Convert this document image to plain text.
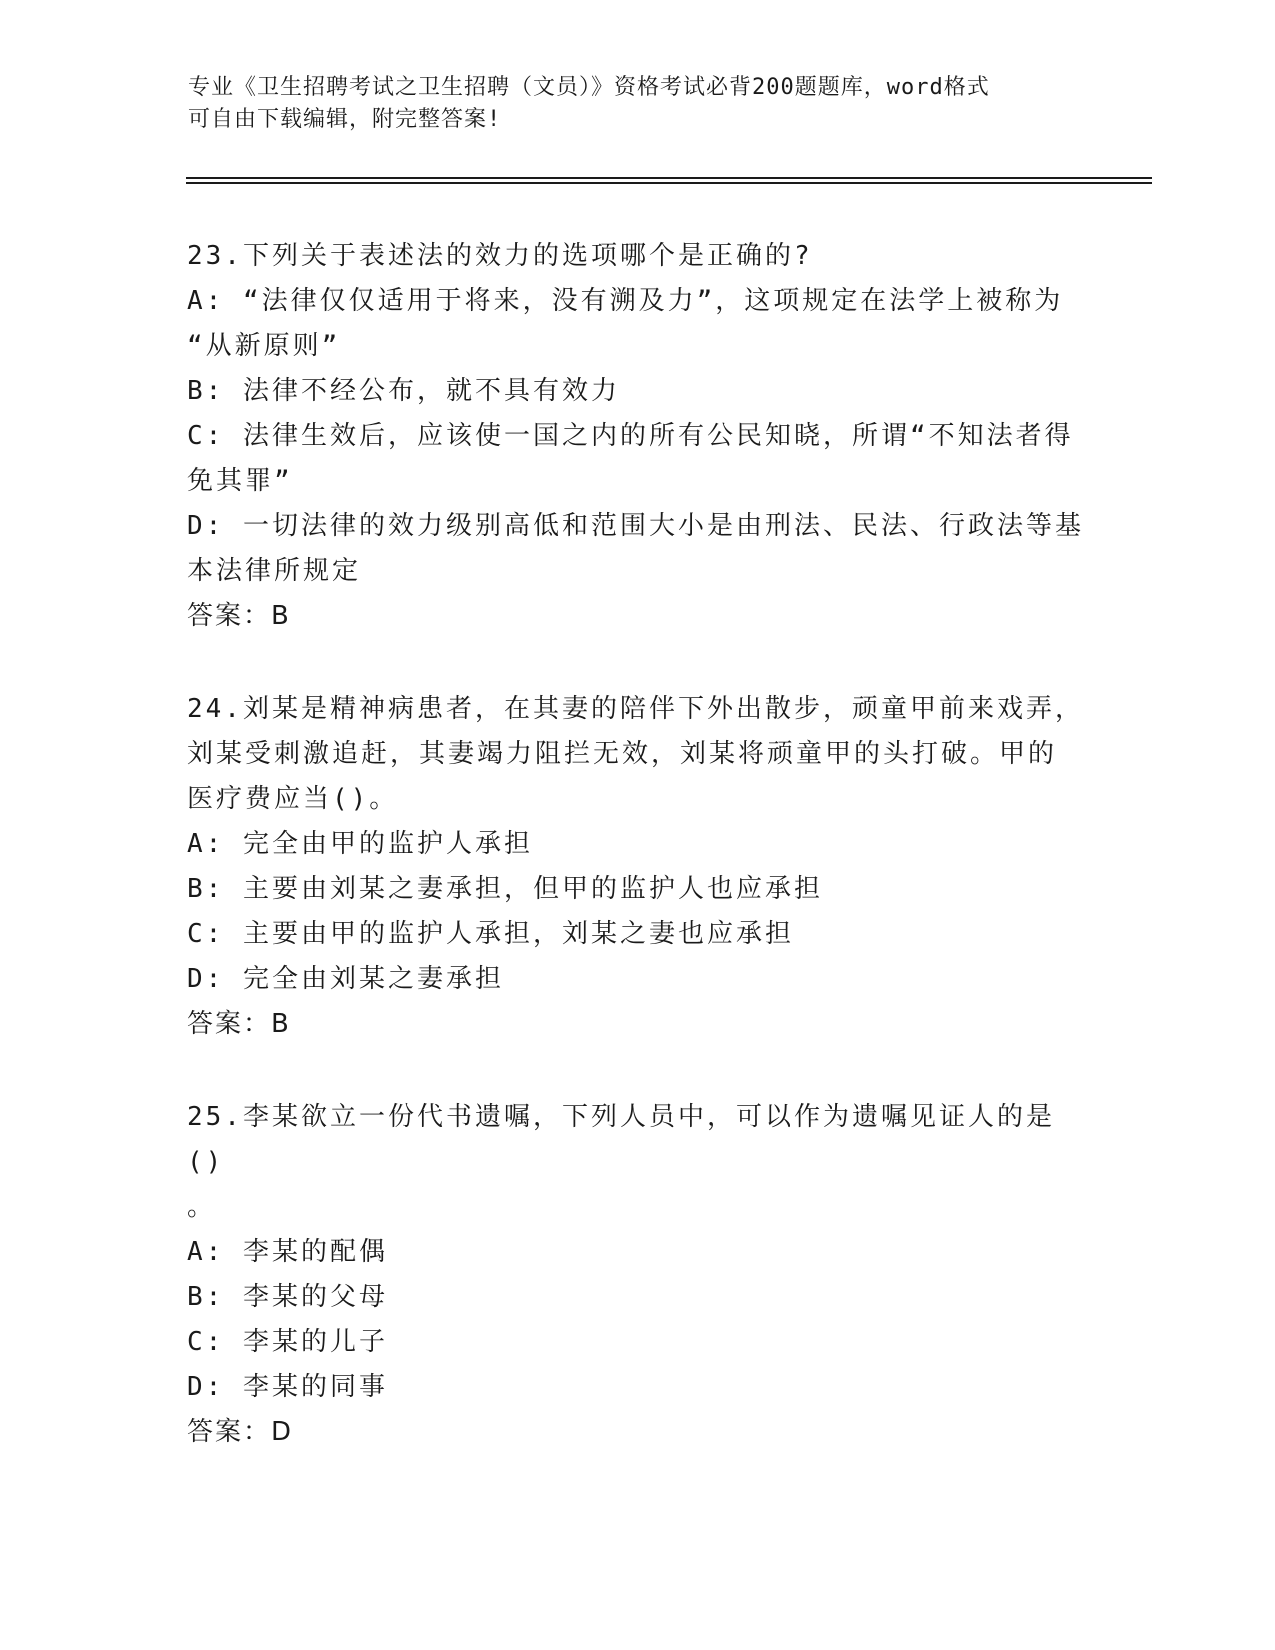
专业《卫生招聘考试之卫生招聘（文员）》资格考试必背200题题库，word格式
可自由下载编辑，附完整答案!
23.下列关于表述法的效力的选项哪个是正确的?
A: “法律仅仅适用于将来，没有溯及力”，这项规定在法学上被称为
“从新原则”
B: 法律不经公布，就不具有效力
C: 法律生效后，应该使一国之内的所有公民知晓，所谓“不知法者得
免其罪”
D: 一切法律的效力级别高低和范围大小是由刑法、民法、行政法等基
本法律所规定
答案：B
24.刘某是精神病患者，在其妻的陪伴下外出散步，顽童甲前来戏弄，
刘某受刺激追赶，其妻竭力阻拦无效，刘某将顽童甲的头打破。甲的
医疗费应当()。
A: 完全由甲的监护人承担
B: 主要由刘某之妻承担，但甲的监护人也应承担
C: 主要由甲的监护人承担，刘某之妻也应承担
D: 完全由刘某之妻承担
答案：B
25.李某欲立一份代书遗嘱，下列人员中，可以作为遗嘱见证人的是()
。
A: 李某的配偶
B: 李某的父母
C: 李某的儿子
D: 李某的同事
答案：D
